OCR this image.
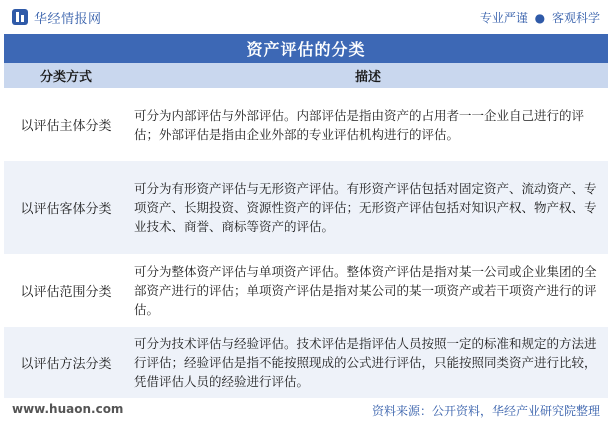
华经情报网	专业严谨 ● 客观科学
资产评估的分类
分类方式	描述
以评估主体分类	可分为内部评估与外部评估。内部评估是指由资产的占用者一一企业自己进行的评估；外部评估是指由企业外部的专业评估机构进行的评估。
以评估客体分类	可分为有形资产评估与无形资产评估。有形资产评估包括对固定资产、流动资产、专项资产、长期投资、资源性资产的评估；无形资产评估包括对知识产权、物产权、专业技术、商誉、商标等资产的评估。
以评估范围分类	可分为整体资产评估与单项资产评估。整体资产评估是指对某一公司或企业集团的全部资产进行的评估；单项资产评估是指对某公司的某一项资产或若干项资产进行的评估。
以评估方法分类	可分为技术评估与经验评估。技术评估是指评估人员按照一定的标准和规定的方法进行评估；经验评估是指不能按照现成的公式进行评估，只能按照同类资产进行比较，凭借评估人员的经验进行评估。
www.huaon.com	资料来源：公开资料，华经产业研究院整理
